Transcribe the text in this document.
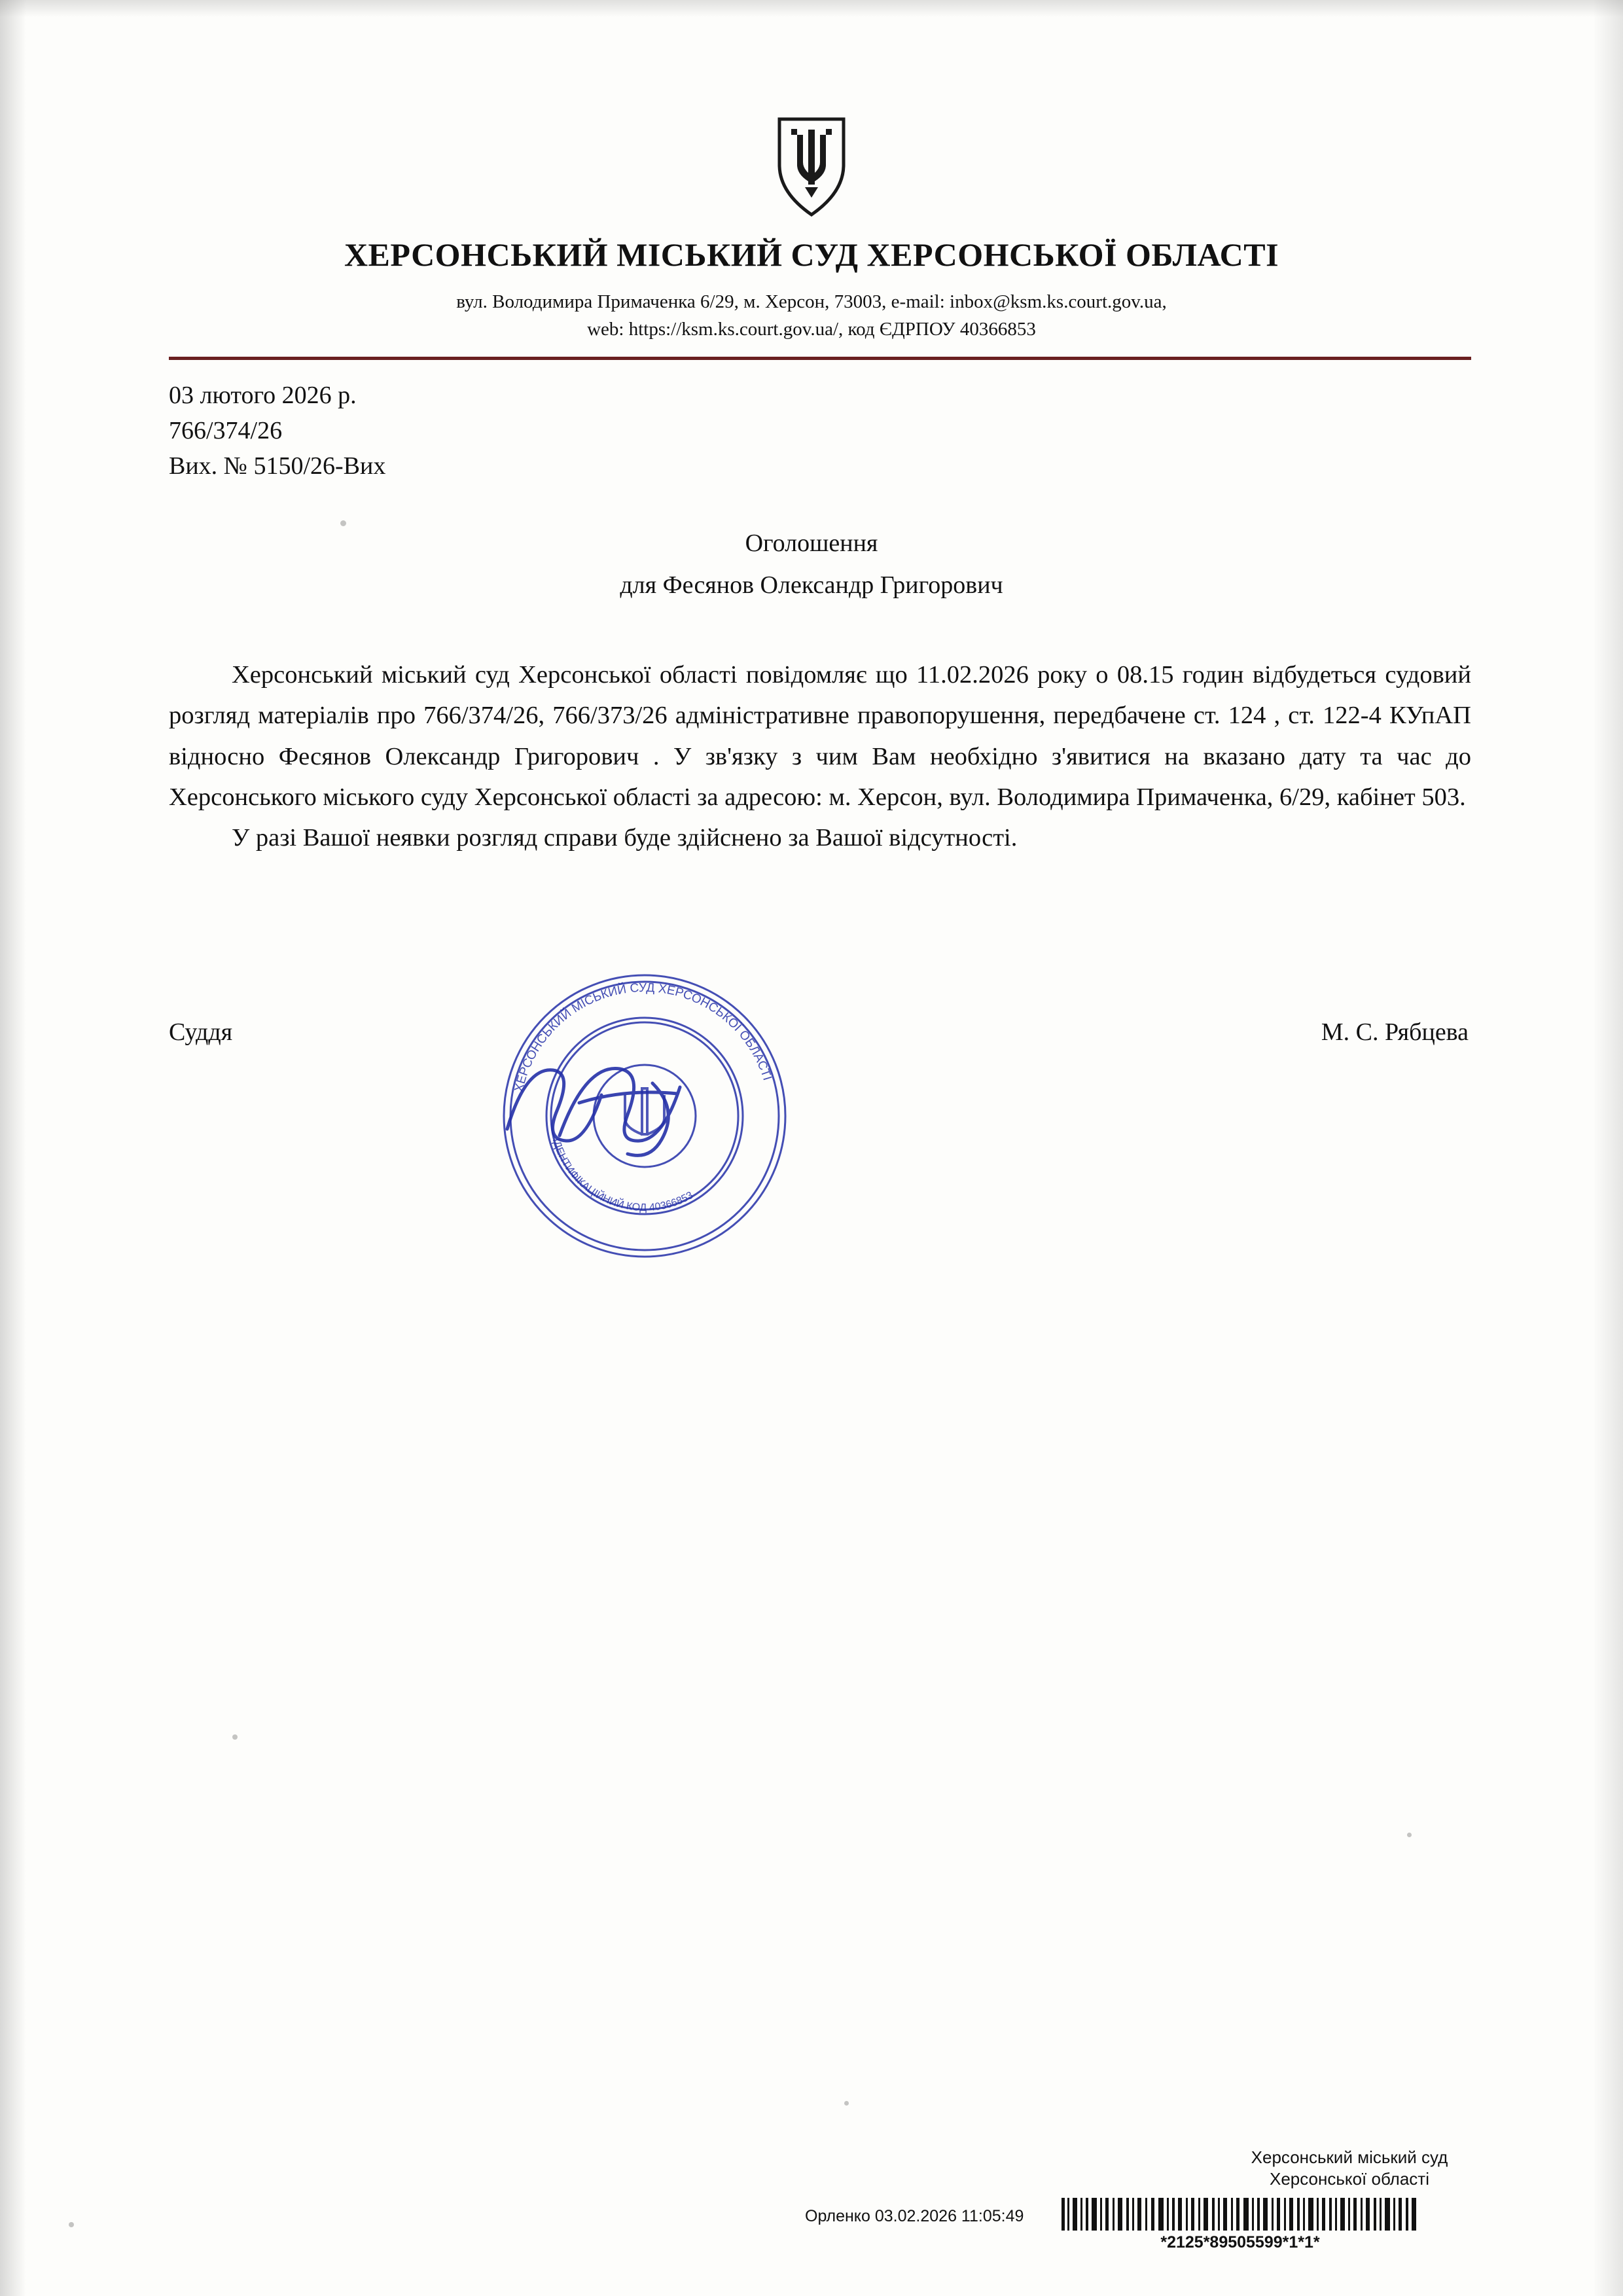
ХЕРСОНСЬКИЙ МІСЬКИЙ СУД ХЕРСОНСЬКОЇ ОБЛАСТІ
вул. Володимира Примаченка 6/29, м. Херсон, 73003, e-mail: inbox@ksm.ks.court.gov.ua,
web: https://ksm.ks.court.gov.ua/, код ЄДРПОУ 40366853
03 лютого 2026 р.
766/374/26
Вих. № 5150/26-Вих
Оголошення
для Фесянов Олександр Григорович

Херсонський міський суд Херсонської області повідомляє що 11.02.2026 року о 08.15 годин відбудеться судовий розгляд матеріалів про 766/374/26, 766/373/26 адміністративне правопорушення, передбачене ст. 124 , ст. 122-4 КУпАП відносно Фесянов Олександр Григорович . У зв'язку з чим Вам необхідно з'явитися на вказано дату та час до Херсонського міського суду Херсонської області за адресою: м. Херсон, вул. Володимира Примаченка, 6/29, кабінет 503.

У разі Вашої неявки розгляд справи буде здійснено за Вашої відсутності.

Суддя	М. С. Рябцева
ХЕРСОНСЬКИЙ МІСЬКИЙ СУД ХЕРСОНСЬКОЇ ОБЛАСТІ
ІДЕНТИФІКАЦІЙНИЙ КОД 40366853
Херсонський міський суд
Херсонської області
Орленко 03.02.2026 11:05:49
*2125*89505599*1*1*
